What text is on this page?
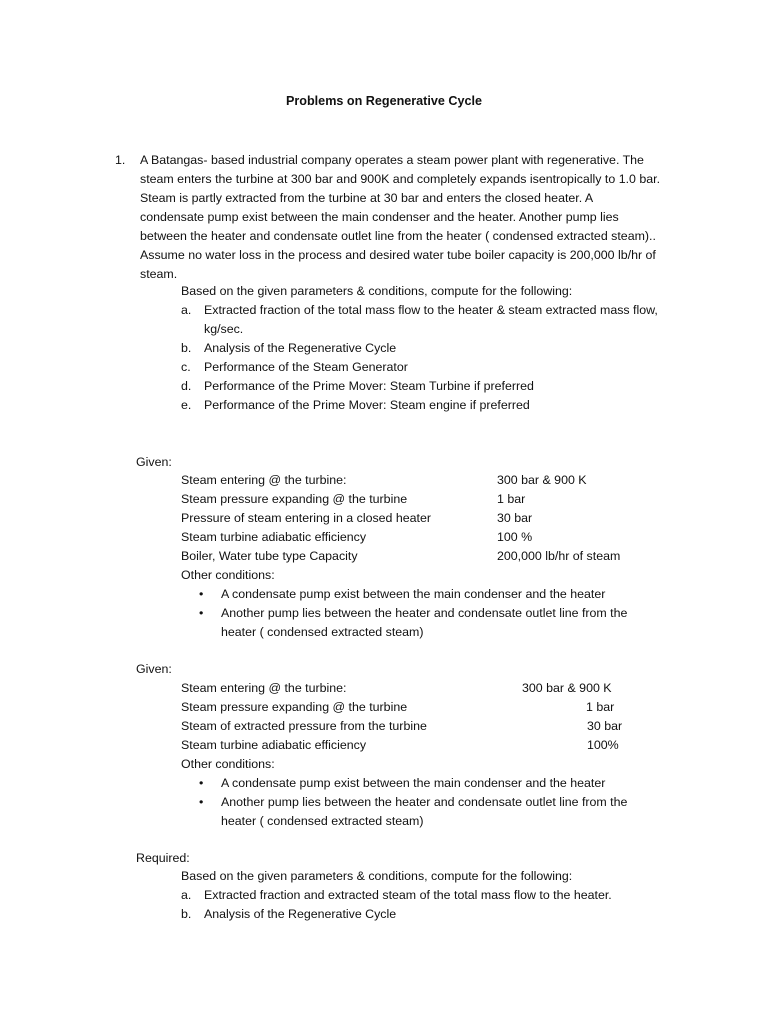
Problems on Regenerative Cycle
1. A Batangas- based industrial company operates a steam power plant with regenerative. The
steam enters the turbine at 300 bar and 900K and completely expands isentropically to 1.0 bar.
Steam is partly extracted from the turbine at 30 bar and enters the closed heater. A
condensate pump exist between the main condenser and the heater. Another pump lies
between the heater and condensate outlet line from the heater ( condensed extracted steam)..
Assume no water loss in the process and desired water tube boiler capacity is 200,000 lb/hr of
steam.
Based on the given parameters & conditions, compute for the following:
a. Extracted fraction of the total mass flow to the heater & steam extracted mass flow,
kg/sec.
b. Analysis of the Regenerative Cycle
c. Performance of the Steam Generator
d. Performance of the Prime Mover: Steam Turbine if preferred
e. Performance of the Prime Mover: Steam engine if preferred
Given:
Steam entering @ the turbine:	300 bar & 900 K
Steam pressure expanding @ the turbine	1 bar
Pressure of steam entering in a closed heater	30 bar
Steam turbine adiabatic efficiency	100 %
Boiler, Water tube type Capacity	200,000 lb/hr of steam
Other conditions:
• A condensate pump exist between the main condenser and the heater
• Another pump lies between the heater and condensate outlet line from the
heater ( condensed extracted steam)
Given:
Steam entering @ the turbine:	300 bar & 900 K
Steam pressure expanding @ the turbine	1 bar
Steam of extracted pressure from the turbine	30 bar
Steam turbine adiabatic efficiency	100%
Other conditions:
• A condensate pump exist between the main condenser and the heater
• Another pump lies between the heater and condensate outlet line from the
heater ( condensed extracted steam)
Required:
Based on the given parameters & conditions, compute for the following:
a. Extracted fraction and extracted steam of the total mass flow to the heater.
b. Analysis of the Regenerative Cycle
